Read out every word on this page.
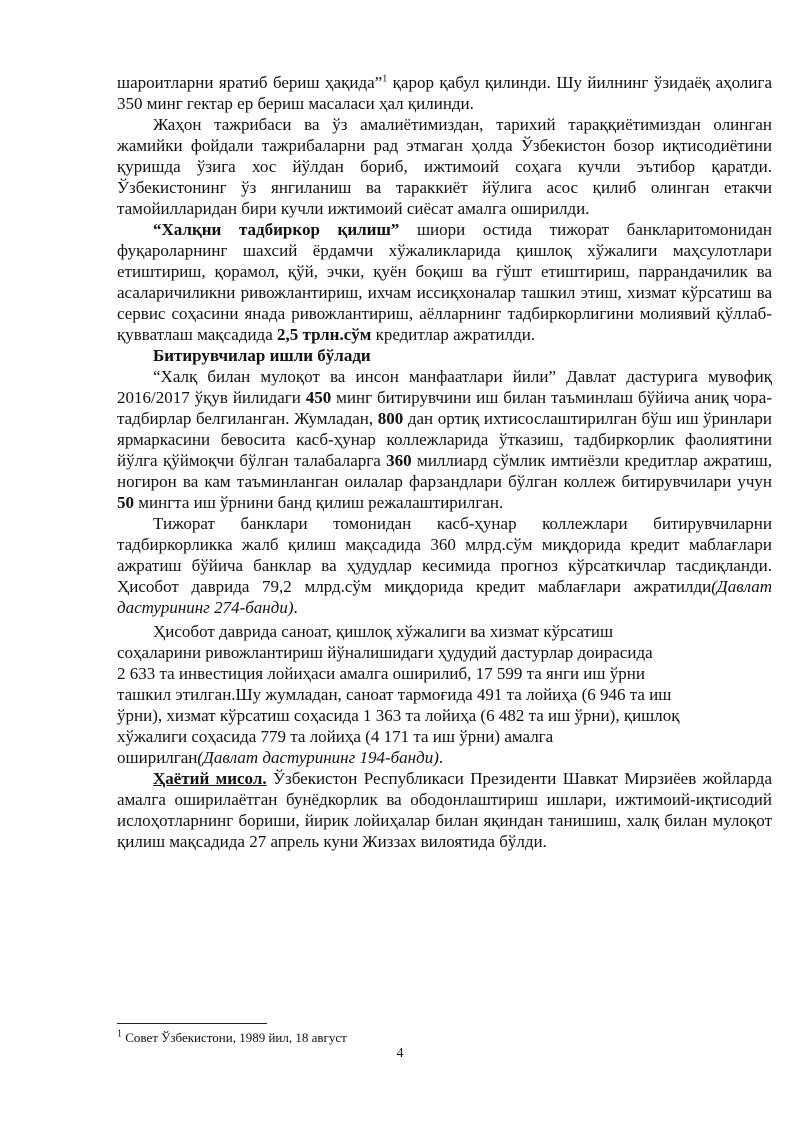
шароитларни яратиб бериш ҳақида”$^1$ қарор қабул қилинди. Шу йилнинг ўзидаёқ аҳолига 350 минг гектар ер бериш масаласи ҳал қилинди.

Жаҳон тажрибаси ва ўз амалиётимиздан, тарихий тараққиётимиздан олинган жамийки фойдали тажрибаларни рад этмаган ҳолда Ўзбекистон бозор иқтисодиётини қуришда ўзига хос йўлдан бориб, ижтимоий соҳага кучли эътибор қаратди. Ўзбекистонинг ўз янгиланиш ва тараккиёт йўлига асос қилиб олинган етакчи тамойилларидан бири кучли ижтимоий сиёсат амалга оширилди.

“Халқни тадбиркор қилиш” шиори остида тижорат банкларитомонидан фуқароларнинг шахсий ёрдамчи хўжаликларида қишлоқ хўжалиги маҳсулотлари етиштириш, қорамол, қўй, эчки, қуён боқиш ва гўшт етиштириш, паррандачилик ва асаларичиликни ривожлантириш, ихчам иссиқхоналар ташкил этиш, хизмат кўрсатиш ва сервис соҳасини янада ривожлантириш, аёлларнинг тадбиркорлигини молиявий қўллаб-қувватлаш мақсадида 2,5 трлн.сўм кредитлар ажратилди.

Битирувчилар ишли бўлади

“Халқ билан мулоқот ва инсон манфаатлари йили” Давлат дастурига мувофиқ 2016/2017 ўқув йилидаги 450 минг битирувчини иш билан таъминлаш бўйича аниқ чора-тадбирлар белгиланган. Жумладан, 800 дан ортиқ ихтисослаштирилган бўш иш ўринлари ярмаркасини бевосита касб-ҳунар коллежларида ўтказиш, тадбиркорлик фаолиятини йўлга қўймоқчи бўлган талабаларга 360 миллиард сўмлик имтиёзли кредитлар ажратиш, ногирон ва кам таъминланган оилалар фарзандлари бўлган коллеж битирувчилари учун 50 мингта иш ўрнини банд қилиш режалаштирилган.

Тижорат банклари томонидан касб-ҳунар коллежлари битирувчиларни тадбиркорликка жалб қилиш мақсадида 360 млрд.сўм миқдорида кредит маблағлари ажратиш бўйича банклар ва ҳудудлар кесимида прогноз кўрсаткичлар тасдиқланди. Ҳисобот даврида 79,2 млрд.сўм миқдорида кредит маблағлари ажратилди(Давлат дастурининг 274-банди).

Ҳисобот даврида саноат, қишлоқ хўжалиги ва хизмат кўрсатиш

соҳаларини ривожлантириш йўналишидаги ҳудудий дастурлар доирасида

2 633 та инвестиция лойиҳаси амалга оширилиб, 17 599 та янги иш ўрни

ташкил этилган.Шу жумладан, саноат тармоғида 491 та лойиҳа (6 946 та иш

ўрни), хизмат кўрсатиш соҳасида 1 363 та лойиҳа (6 482 та иш ўрни), қишлоқ

хўжалиги соҳасида 779 та лойиҳа (4 171 та иш ўрни) амалга

оширилган(Давлат дастурининг 194-банди).

Ҳаётий мисол. Ўзбекистон Республикаси Президенти Шавкат Мирзиёев жойларда амалга оширилаётган бунёдкорлик ва ободонлаштириш ишлари, ижтимоий-иқтисодий ислоҳотларнинг бориши, йирик лойиҳалар билан яқиндан танишиш, халқ билан мулоқот қилиш мақсадида 27 апрель куни Жиззах вилоятида бўлди.

$^1$ Совет Ўзбекистони, 1989 йил, 18 август
4
